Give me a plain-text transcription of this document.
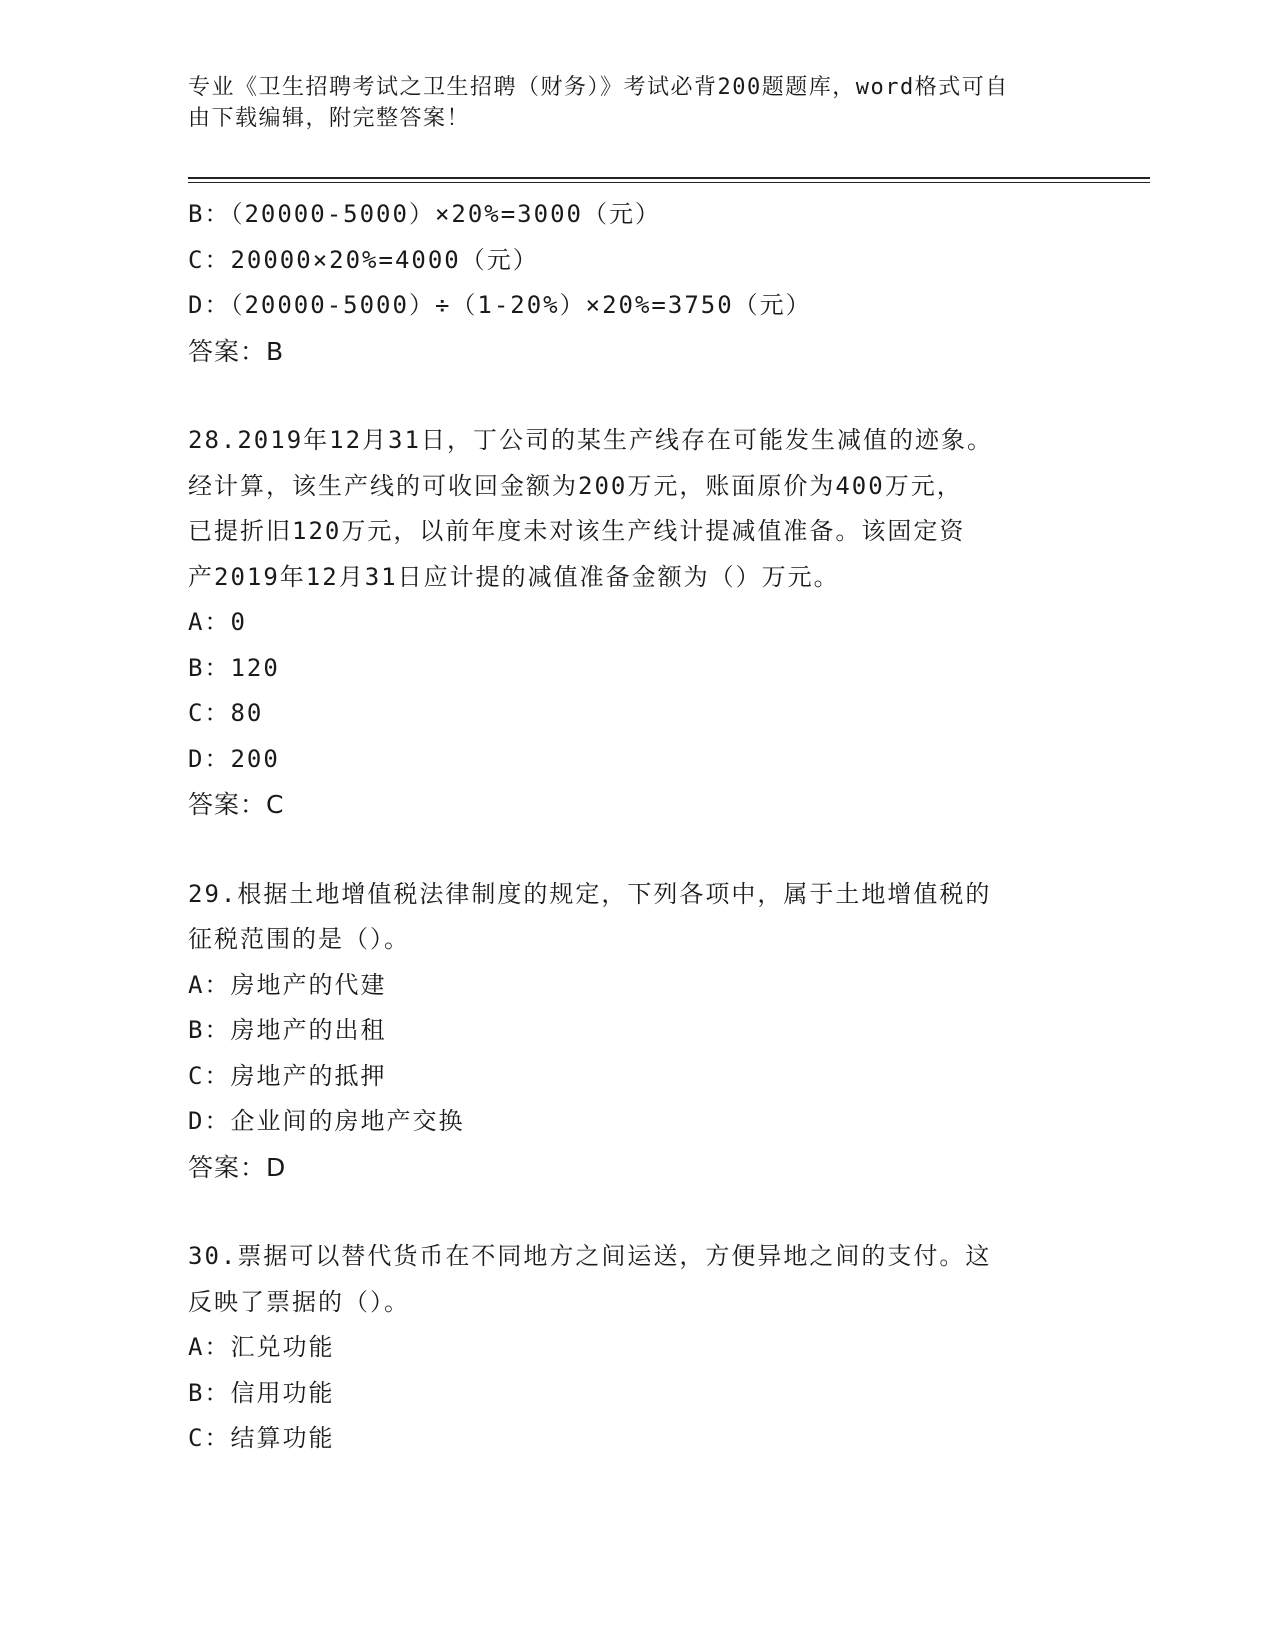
专业《卫生招聘考试之卫生招聘（财务）》考试必背200题题库，word格式可自
由下载编辑，附完整答案！
B：（20000-5000）×20%=3000（元）
C：20000×20%=4000（元）
D：（20000-5000）÷（1-20%）×20%=3750（元）
答案：B
28.2019年12月31日，丁公司的某生产线存在可能发生减值的迹象。
经计算，该生产线的可收回金额为200万元，账面原价为400万元，
已提折旧120万元，以前年度未对该生产线计提减值准备。该固定资
产2019年12月31日应计提的减值准备金额为（）万元。
A：0
B：120
C：80
D：200
答案：C
29.根据土地增值税法律制度的规定，下列各项中，属于土地增值税的
征税范围的是（）。
A：房地产的代建
B：房地产的出租
C：房地产的抵押
D：企业间的房地产交换
答案：D
30.票据可以替代货币在不同地方之间运送，方便异地之间的支付。这
反映了票据的（）。
A：汇兑功能
B：信用功能
C：结算功能
